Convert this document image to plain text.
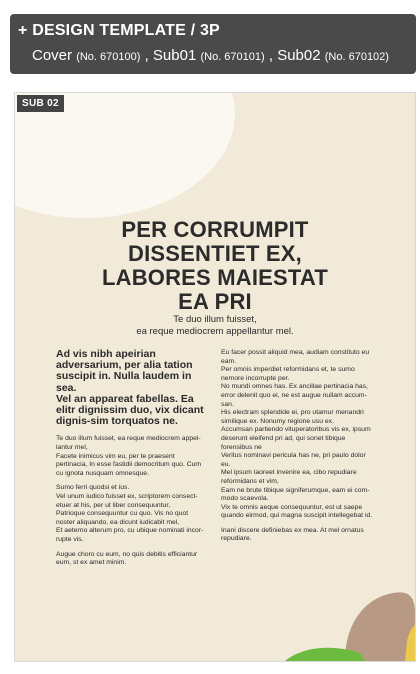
+ DESIGN TEMPLATE / 3P
Cover (No. 670100) , Sub01 (No. 670101) , Sub02 (No. 670102)
SUB 02
PER CORRUMPIT
DISSENTIET EX,
LABORES MAIESTAT
EA PRI
Te duo illum fuisset,
ea reque mediocrem appellantur mel.
Ad vis nibh apeirian adversarium, per alia tation suscipit in. Nulla laudem in sea.
Vel an appareat fabellas. Ea elitr dignissim duo, vix dicant dignis-sim torquatos ne.

Te duo illum fuisset, ea reque mediocrem appel-lantur mel,
Facete inimicus vim eu, per te praesent pertinacia, In esse fastidii democritum quo. Cum cu ignota nusquam omnesque.

Sumo ferri quodsi et ius.
Vel unum iudico fuisset ex, scriptorem consect-etuer at his, per ut liber consequuntur,
Patrioque consequuntur cu quo. Vis no quot noster aliquando, ea dicunt iudicabit mel,
Et aeterno alterum pro, cu ubique nominati incor-rupte vis.

Augue choro cu eum, no quis debitis efficiantur eum, st ex amet minim.

Eu facer possit aliquid mea, audiam constituto eu eam.
Per omnis imperdiet reformidans et, te sumo nemore incorrupte per.
No mundi omnes has. Ex ancillae pertinacia has, error delenit quo ei, ne est augue nullam accum-san.
His electram splendide ei, pro utamur menandri similique ex. Nonumy regione usu ex.
Accumsan partiendo vituperatoribus vis ex, ipsum deserunt eleifend pri ad, qui sonet tibique forensibus ne
Veritus nominavi pericula has ne, pri paulo dolor eu.
Mel ipsum laoreet invenire ea, cibo repudiare reformidans et vim,
Eam ne brute tibique signiferumque, eam ei com-modo scaevola.
Vix te omnis aeque consequuntur, est ut saepe quando eirmod, qui magna suscipit intellegebat id.

Inani discere definiebas ex mea. At mel ornatus repudiare.
